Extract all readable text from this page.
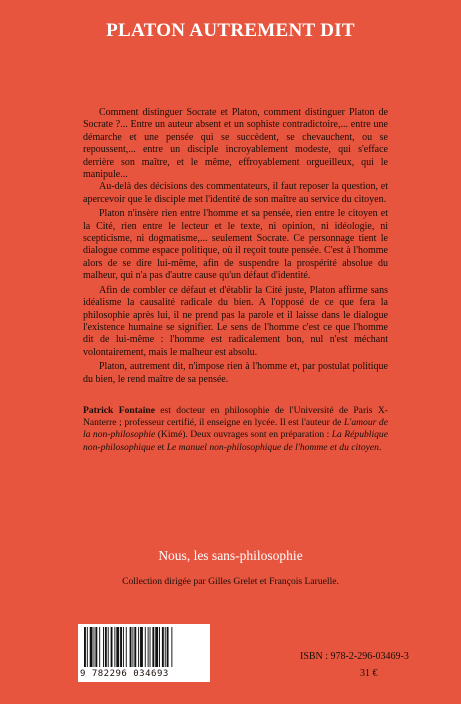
PLATON AUTREMENT DIT

Comment distinguer Socrate et Platon, comment distinguer Platon de Socrate ?... Entre un auteur absent et un sophiste contradictoire,... entre une démarche et une pensée qui se succèdent, se chevauchent, ou se repoussent,... entre un disciple incroyablement modeste, qui s'efface derrière son maître, et le même, effroyablement orgueilleux, qui le manipule...

Au-delà des décisions des commentateurs, il faut reposer la question, et apercevoir que le disciple met l'identité de son maître au service du citoyen.

Platon n'insère rien entre l'homme et sa pensée, rien entre le citoyen et la Cité, rien entre le lecteur et le texte, ni opinion, ni idéologie, ni scepticisme, ni dogmatisme,... seulement Socrate. Ce personnage tient le dialogue comme espace politique, où il reçoit toute pensée. C'est à l'homme alors de se dire lui-même, afin de suspendre la prospérité absolue du malheur, qui n'a pas d'autre cause qu'un défaut d'identité.

Afin de combler ce défaut et d'établir la Cité juste, Platon affirme sans idéalisme la causalité radicale du bien. A l'opposé de ce que fera la philosophie après lui, il ne prend pas la parole et il laisse dans le dialogue l'existence humaine se signifier. Le sens de l'homme c'est ce que l'homme dit de lui-même : l'homme est radicalement bon, nul n'est méchant volontairement, mais le malheur est absolu.

Platon, autrement dit, n'impose rien à l'homme et, par postulat politique du bien, le rend maître de sa pensée.

Patrick Fontaine est docteur en philosophie de l'Université de Paris X-Nanterre ; professeur certifié, il enseigne en lycée. Il est l'auteur de L'amour de la non-philosophie (Kimé). Deux ouvrages sont en préparation : La République non-philosophique et Le manuel non-philosophique de l'homme et du citoyen.
Nous, les sans-philosophie
Collection dirigée par Gilles Grelet et François Laruelle.
9 782296 034693
ISBN : 978-2-296-03469-3
31 €
